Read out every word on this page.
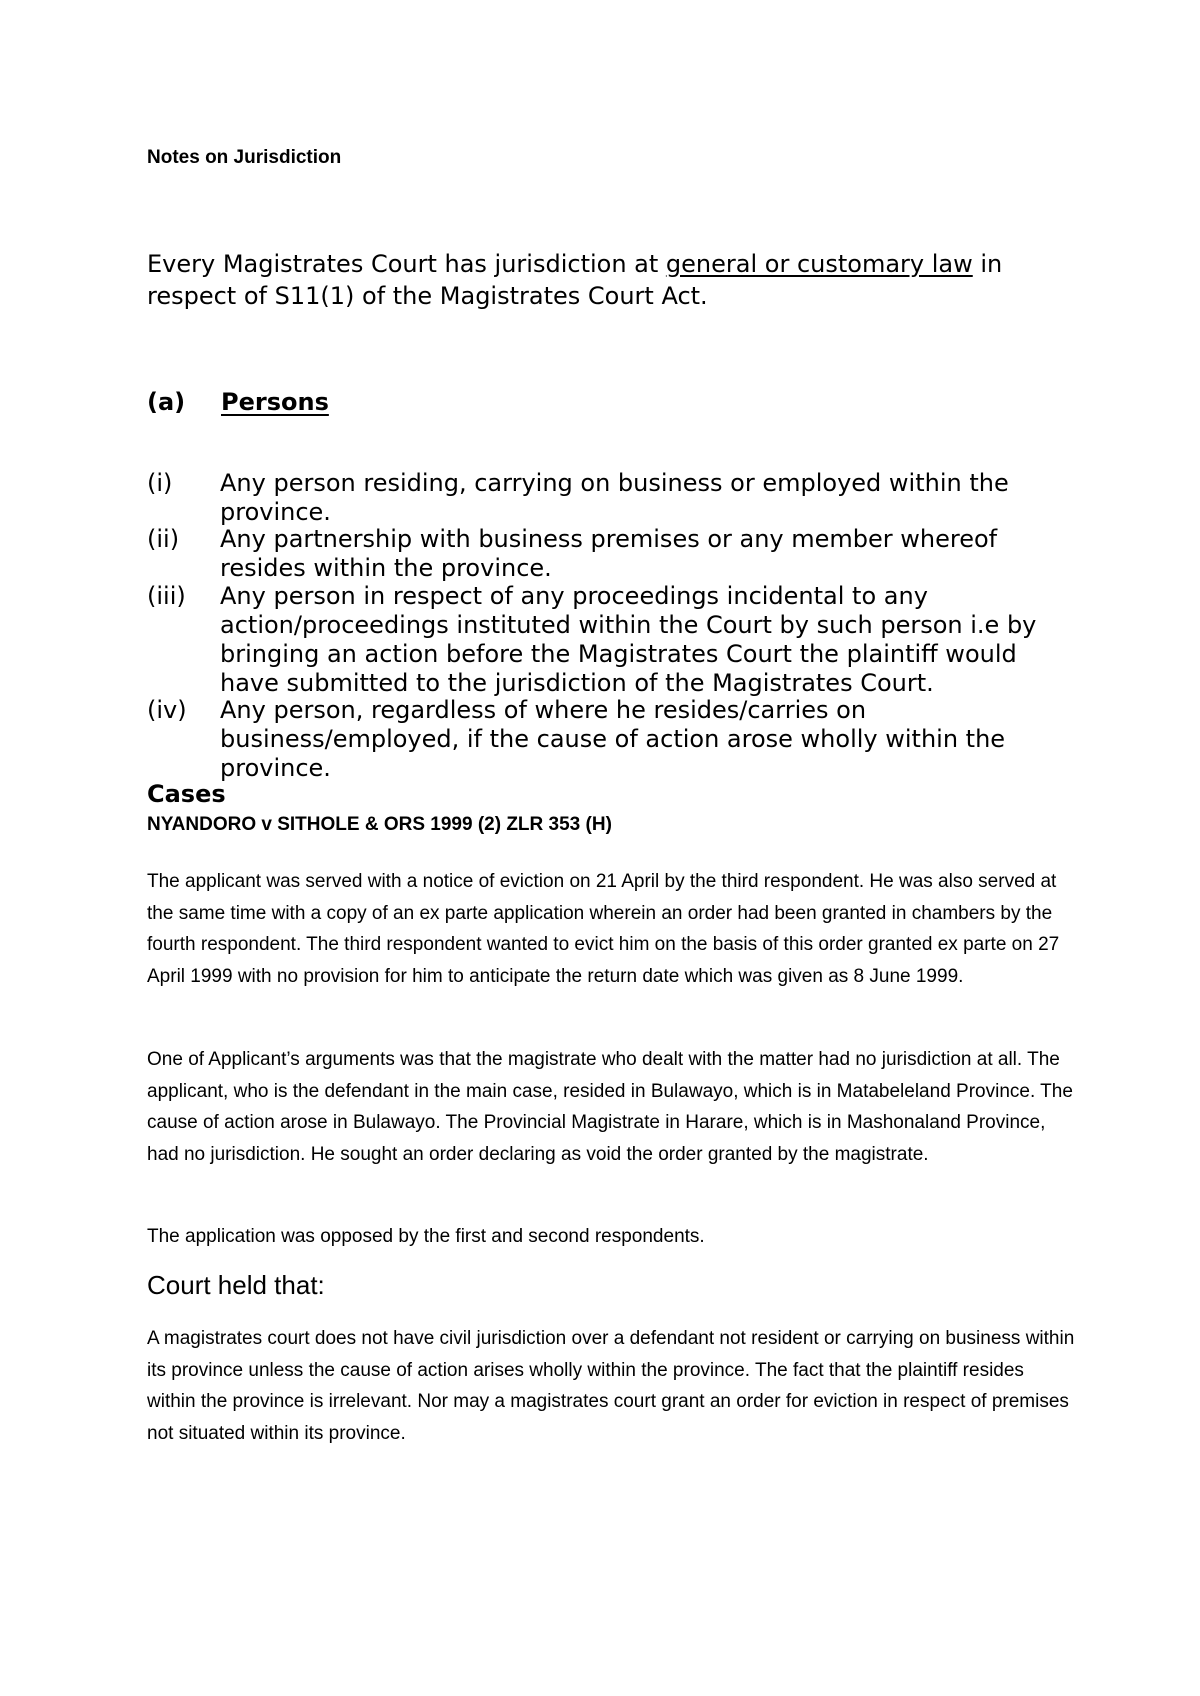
Notes on Jurisdiction

Every Magistrates Court has jurisdiction at general or customary law in

respect of S11(1) of the Magistrates Court Act.

(a) Persons

(i) Any person residing, carrying on business or employed within the province.
(ii) Any partnership with business premises or any member whereof resides within the province.
(iii) Any person in respect of any proceedings incidental to any action/proceedings instituted within the Court by such person i.e by bringing an action before the Magistrates Court the plaintiff would have submitted to the jurisdiction of the Magistrates Court.
(iv) Any person, regardless of where he resides/carries on business/employed, if the cause of action arose wholly within the province.

Cases

NYANDORO v SITHOLE & ORS 1999 (2) ZLR 353 (H)

The applicant was served with a notice of eviction on 21 April by the third respondent. He was also served at the same time with a copy of an ex parte application wherein an order had been granted in chambers by the fourth respondent. The third respondent wanted to evict him on the basis of this order granted ex parte on 27 April 1999 with no provision for him to anticipate the return date which was given as 8 June 1999.

One of Applicant’s arguments was that the magistrate who dealt with the matter had no jurisdiction at all. The applicant, who is the defendant in the main case, resided in Bulawayo, which is in Matabeleland Province. The cause of action arose in Bulawayo. The Provincial Magistrate in Harare, which is in Mashonaland Province, had no jurisdiction. He sought an order declaring as void the order granted by the magistrate.

The application was opposed by the first and second respondents.

Court held that:

A magistrates court does not have civil jurisdiction over a defendant not resident or carrying on business within its province unless the cause of action arises wholly within the province. The fact that the plaintiff resides within the province is irrelevant. Nor may a magistrates court grant an order for eviction in respect of premises not situated within its province.
